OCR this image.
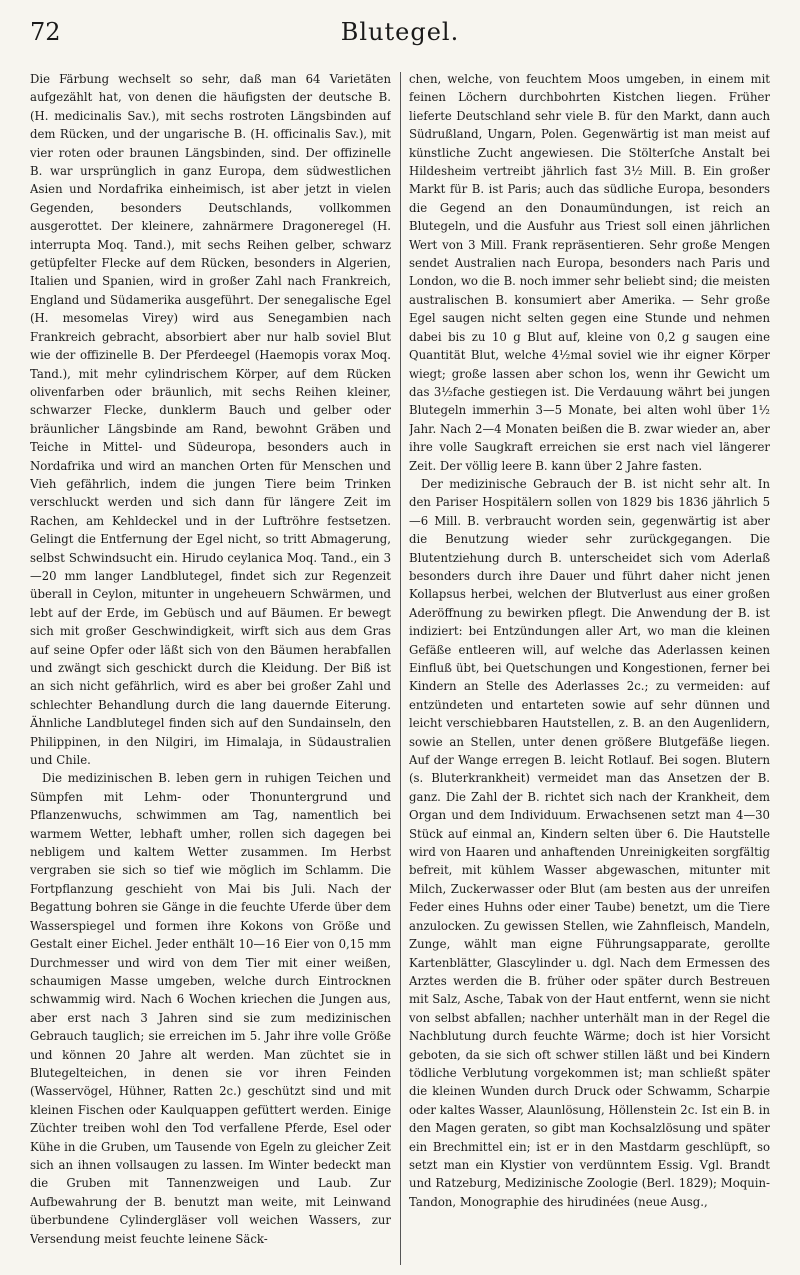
72	Blutegel.

Die Färbung wechselt so sehr, daß man 64 Varietäten aufgezählt hat, von denen die häufigsten der deutsche B. (H. medicinalis Sav.), mit sechs rostroten Längsbinden auf dem Rücken, und der ungarische B. (H. officinalis Sav.), mit vier roten oder braunen Längsbinden, sind. Der offizinelle B. war ursprünglich in ganz Europa, dem südwestlichen Asien und Nordafrika einheimisch, ist aber jetzt in vielen Gegenden, besonders Deutschlands, vollkommen ausgerottet. Der kleinere, zahnärmere Dragoneregel (H. interrupta Moq. Tand.), mit sechs Reihen gelber, schwarz getüpfelter Flecke auf dem Rücken, besonders in Algerien, Italien und Spanien, wird in großer Zahl nach Frankreich, England und Südamerika ausgeführt. Der senegalische Egel (H. mesomelas Virey) wird aus Senegambien nach Frankreich gebracht, absorbiert aber nur halb soviel Blut wie der offizinelle B. Der Pferdeegel (Haemopis vorax Moq. Tand.), mit mehr cylindrischem Körper, auf dem Rücken olivenfarben oder bräunlich, mit sechs Reihen kleiner, schwarzer Flecke, dunklerm Bauch und gelber oder bräunlicher Längsbinde am Rand, bewohnt Gräben und Teiche in Mittel- und Südeuropa, besonders auch in Nordafrika und wird an manchen Orten für Menschen und Vieh gefährlich, indem die jungen Tiere beim Trinken verschluckt werden und sich dann für längere Zeit im Rachen, am Kehldeckel und in der Luftröhre festsetzen. Gelingt die Entfernung der Egel nicht, so tritt Abmagerung, selbst Schwindsucht ein. Hirudo ceylanica Moq. Tand., ein 3—20 mm langer Landblutegel, findet sich zur Regenzeit überall in Ceylon, mitunter in ungeheuern Schwärmen, und lebt auf der Erde, im Gebüsch und auf Bäumen. Er bewegt sich mit großer Geschwindigkeit, wirft sich aus dem Gras auf seine Opfer oder läßt sich von den Bäumen herabfallen und zwängt sich geschickt durch die Kleidung. Der Biß ist an sich nicht gefährlich, wird es aber bei großer Zahl und schlechter Behandlung durch die lang dauernde Eiterung. Ähnliche Landblutegel finden sich auf den Sundainseln, den Philippinen, in den Nilgiri, im Himalaja, in Südaustralien und Chile.

Die medizinischen B. leben gern in ruhigen Teichen und Sümpfen mit Lehm- oder Thonuntergrund und Pflanzenwuchs, schwimmen am Tag, namentlich bei warmem Wetter, lebhaft umher, rollen sich dagegen bei nebligem und kaltem Wetter zusammen. Im Herbst vergraben sie sich so tief wie möglich im Schlamm. Die Fortpflanzung geschieht von Mai bis Juli. Nach der Begattung bohren sie Gänge in die feuchte Uferde über dem Wasserspiegel und formen ihre Kokons von Größe und Gestalt einer Eichel. Jeder enthält 10—16 Eier von 0,15 mm Durchmesser und wird von dem Tier mit einer weißen, schaumigen Masse umgeben, welche durch Eintrocknen schwammig wird. Nach 6 Wochen kriechen die Jungen aus, aber erst nach 3 Jahren sind sie zum medizinischen Gebrauch tauglich; sie erreichen im 5. Jahr ihre volle Größe und können 20 Jahre alt werden. Man züchtet sie in Blutegelteichen, in denen sie vor ihren Feinden (Wasservögel, Hühner, Ratten 2c.) geschützt sind und mit kleinen Fischen oder Kaulquappen gefüttert werden. Einige Züchter treiben wohl den Tod verfallene Pferde, Esel oder Kühe in die Gruben, um Tausende von Egeln zu gleicher Zeit sich an ihnen vollsaugen zu lassen. Im Winter bedeckt man die Gruben mit Tannenzweigen und Laub. Zur Aufbewahrung der B. benutzt man weite, mit Leinwand überbundene Cylindergläser voll weichen Wassers, zur Versendung meist feuchte leinene Säck-

chen, welche, von feuchtem Moos umgeben, in einem mit feinen Löchern durchbohrten Kistchen liegen. Früher lieferte Deutschland sehr viele B. für den Markt, dann auch Südrußland, Ungarn, Polen. Gegenwärtig ist man meist auf künstliche Zucht angewiesen. Die Stölterſche Anstalt bei Hildesheim vertreibt jährlich fast 3½ Mill. B. Ein großer Markt für B. ist Paris; auch das südliche Europa, besonders die Gegend an den Donaumündungen, ist reich an Blutegeln, und die Ausfuhr aus Triest soll einen jährlichen Wert von 3 Mill. Frank repräsentieren. Sehr große Mengen sendet Australien nach Europa, besonders nach Paris und London, wo die B. noch immer sehr beliebt sind; die meisten australischen B. konsumiert aber Amerika. — Sehr große Egel saugen nicht selten gegen eine Stunde und nehmen dabei bis zu 10 g Blut auf, kleine von 0,2 g saugen eine Quantität Blut, welche 4½mal soviel wie ihr eigner Körper wiegt; große lassen aber schon los, wenn ihr Gewicht um das 3½fache gestiegen ist. Die Verdauung währt bei jungen Blutegeln immerhin 3—5 Monate, bei alten wohl über 1½ Jahr. Nach 2—4 Monaten beißen die B. zwar wieder an, aber ihre volle Saugkraft erreichen sie erst nach viel längerer Zeit. Der völlig leere B. kann über 2 Jahre fasten.

Der medizinische Gebrauch der B. ist nicht sehr alt. In den Pariser Hospitälern sollen von 1829 bis 1836 jährlich 5—6 Mill. B. verbraucht worden sein, gegenwärtig ist aber die Benutzung wieder sehr zurückgegangen. Die Blutentziehung durch B. unterscheidet sich vom Aderlaß besonders durch ihre Dauer und führt daher nicht jenen Kollapsus herbei, welchen der Blutverlust aus einer großen Aderöffnung zu bewirken pflegt. Die Anwendung der B. ist indiziert: bei Entzündungen aller Art, wo man die kleinen Gefäße entleeren will, auf welche das Aderlassen keinen Einfluß übt, bei Quetschungen und Kongestionen, ferner bei Kindern an Stelle des Aderlasses 2c.; zu vermeiden: auf entzündeten und entarteten sowie auf sehr dünnen und leicht verschiebbaren Hautstellen, z. B. an den Augenlidern, sowie an Stellen, unter denen größere Blutgefäße liegen. Auf der Wange erregen B. leicht Rotlauf. Bei sogen. Blutern (s. Bluterkrankheit) vermeidet man das Ansetzen der B. ganz. Die Zahl der B. richtet sich nach der Krankheit, dem Organ und dem Individuum. Erwachsenen setzt man 4—30 Stück auf einmal an, Kindern selten über 6. Die Hautstelle wird von Haaren und anhaftenden Unreinigkeiten sorgfältig befreit, mit kühlem Wasser abgewaschen, mitunter mit Milch, Zuckerwasser oder Blut (am besten aus der unreifen Feder eines Huhns oder einer Taube) benetzt, um die Tiere anzulocken. Zu gewissen Stellen, wie Zahnfleisch, Mandeln, Zunge, wählt man eigne Führungsapparate, gerollte Kartenblätter, Glascylinder u. dgl. Nach dem Ermessen des Arztes werden die B. früher oder später durch Bestreuen mit Salz, Asche, Tabak von der Haut entfernt, wenn sie nicht von selbst abfallen; nachher unterhält man in der Regel die Nachblutung durch feuchte Wärme; doch ist hier Vorsicht geboten, da sie sich oft schwer stillen läßt und bei Kindern tödliche Verblutung vorgekommen ist; man schließt später die kleinen Wunden durch Druck oder Schwamm, Scharpie oder kaltes Wasser, Alaunlösung, Höllenstein 2c. Ist ein B. in den Magen geraten, so gibt man Kochsalzlösung und später ein Brechmittel ein; ist er in den Mastdarm geschlüpft, so setzt man ein Klystier von verdünntem Essig. Vgl. Brandt und Ratzeburg, Medizinische Zoologie (Berl. 1829); Moquin-Tandon, Monographie des hirudinées (neue Ausg.,
